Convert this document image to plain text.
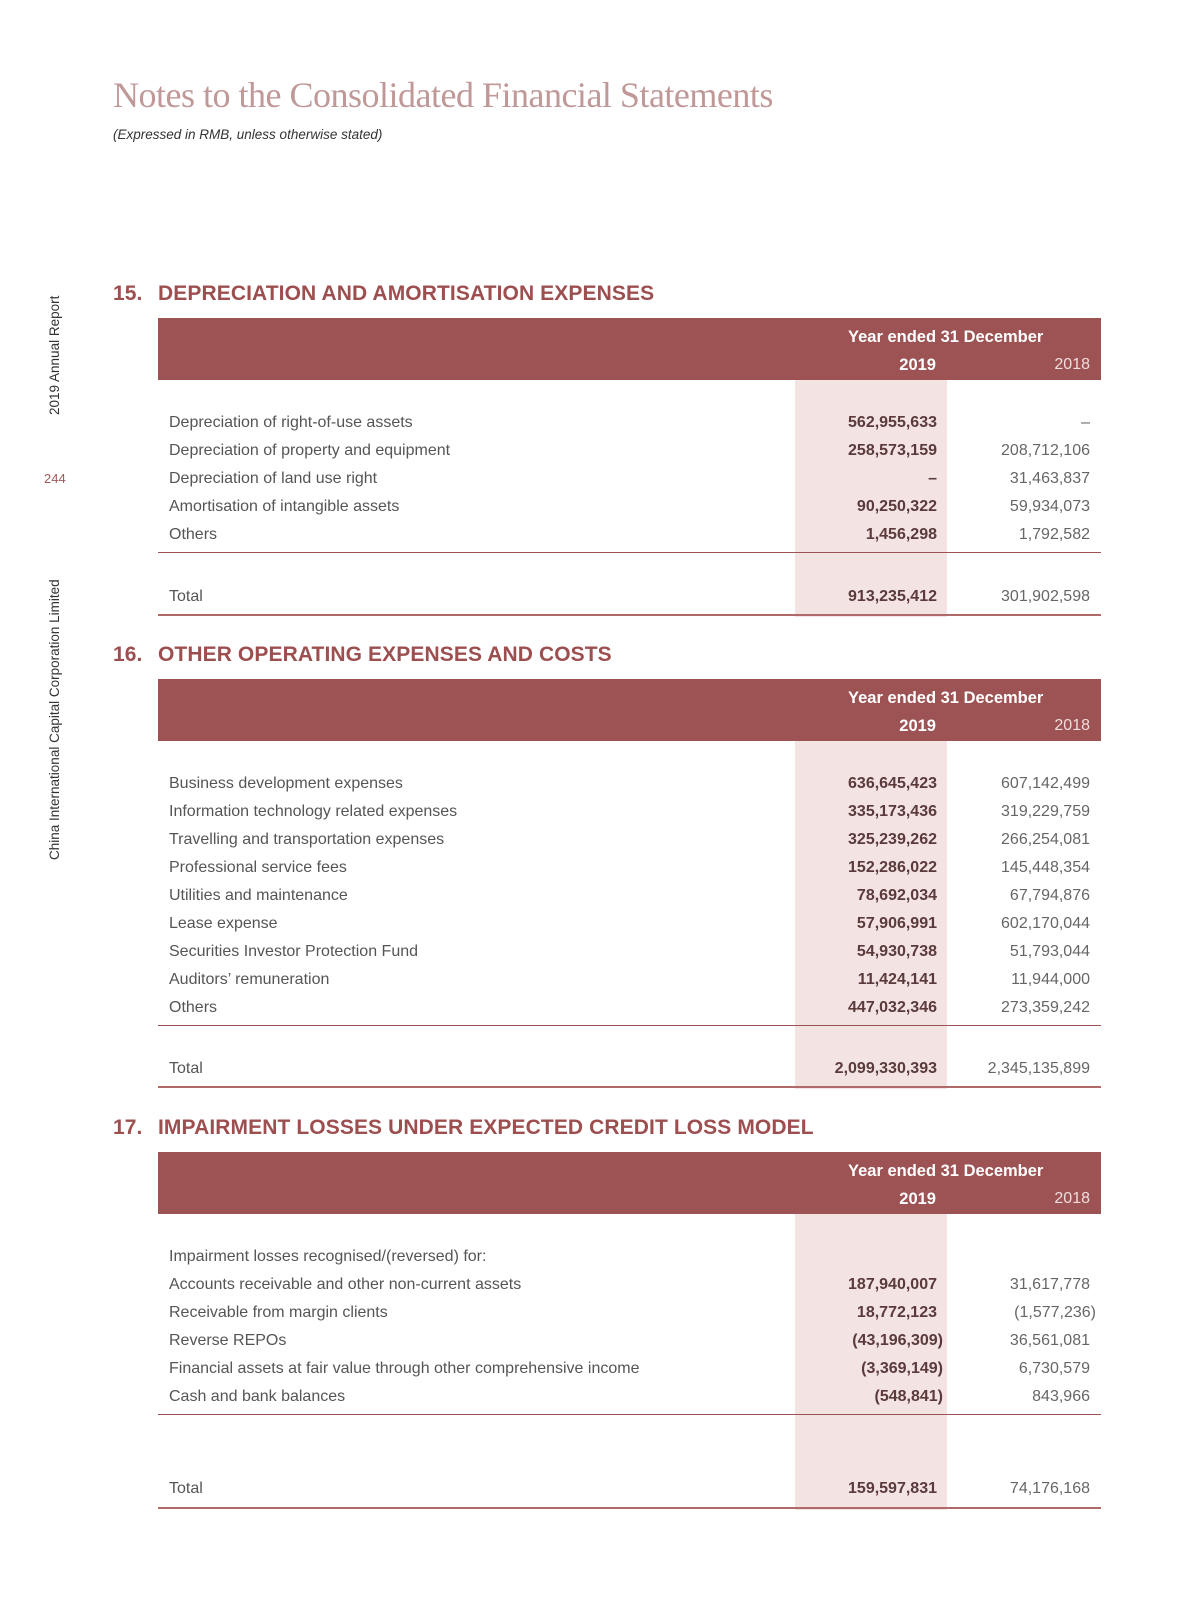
Notes to the Consolidated Financial Statements
(Expressed in RMB, unless otherwise stated)
2019 Annual Report
244
China International Capital Corporation Limited
15. DEPRECIATION AND AMORTISATION EXPENSES
Year ended 31 December
2019	2018
Depreciation of right-of-use assets	562,955,633	–
Depreciation of property and equipment	258,573,159	208,712,106
Depreciation of land use right	–	31,463,837
Amortisation of intangible assets	90,250,322	59,934,073
Others	1,456,298	1,792,582
Total	913,235,412	301,902,598
16. OTHER OPERATING EXPENSES AND COSTS
Year ended 31 December
2019	2018
Business development expenses	636,645,423	607,142,499
Information technology related expenses	335,173,436	319,229,759
Travelling and transportation expenses	325,239,262	266,254,081
Professional service fees	152,286,022	145,448,354
Utilities and maintenance	78,692,034	67,794,876
Lease expense	57,906,991	602,170,044
Securities Investor Protection Fund	54,930,738	51,793,044
Auditors’ remuneration	11,424,141	11,944,000
Others	447,032,346	273,359,242
Total	2,099,330,393	2,345,135,899
17. IMPAIRMENT LOSSES UNDER EXPECTED CREDIT LOSS MODEL
Year ended 31 December
2019	2018
Impairment losses recognised/(reversed) for:
Accounts receivable and other non-current assets	187,940,007	31,617,778
Receivable from margin clients	18,772,123	(1,577,236)
Reverse REPOs	(43,196,309)	36,561,081
Financial assets at fair value through other comprehensive income	(3,369,149)	6,730,579
Cash and bank balances	(548,841)	843,966
Total	159,597,831	74,176,168
